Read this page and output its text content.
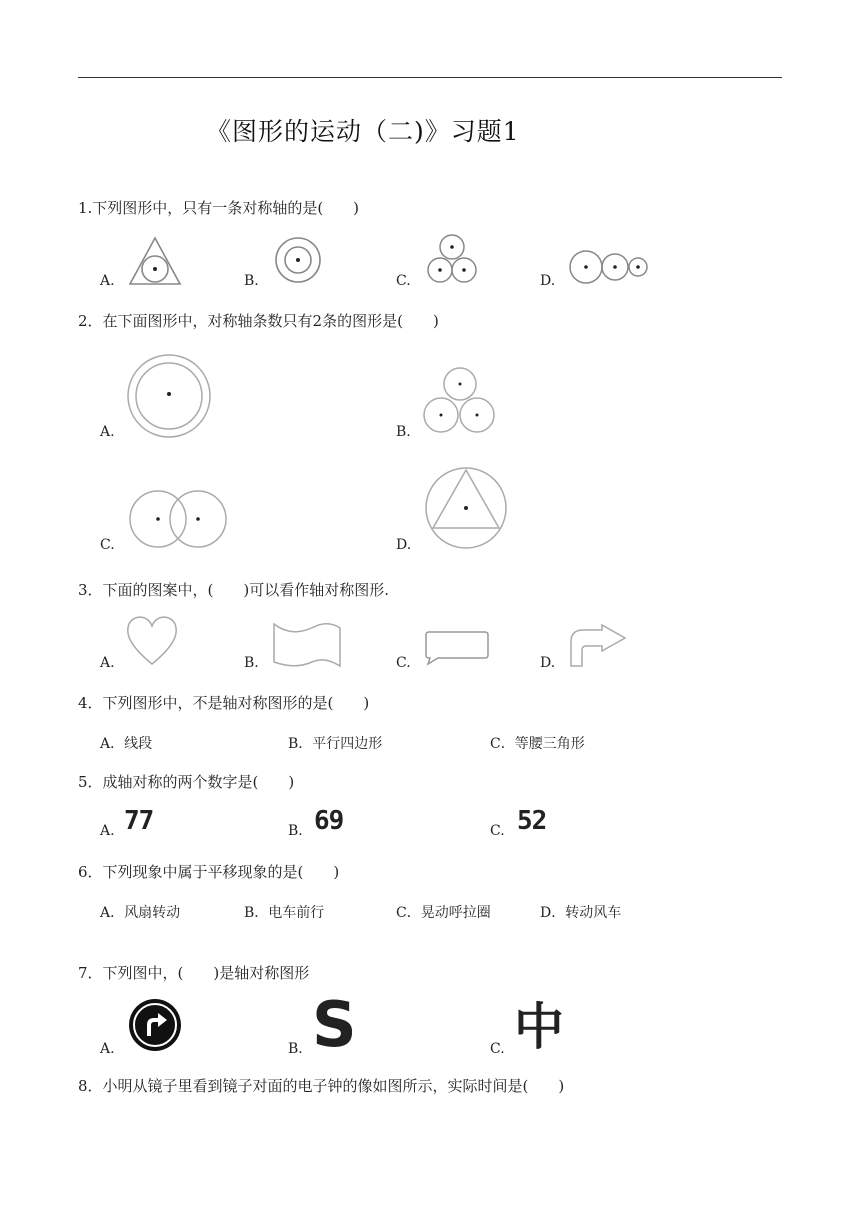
《图形的运动（二)》习题1
1.下列图形中，只有一条对称轴的是(　　)
A.	B.	C.	D.
2．在下面图形中，对称轴条数只有2条的图形是(　　)
A.	B.
C.	D.
3．下面的图案中，(　　)可以看作轴对称图形.
A.	B.	C.	D.
4．下列图形中，不是轴对称图形的是(　　)
A．线段	B．平行四边形	C．等腰三角形
5．成轴对称的两个数字是(　　)
A. 77	B. 69	C. 52
6．下列现象中属于平移现象的是(　　)
A．风扇转动	B．电车前行	C．晃动呼拉圈	D．转动风车
7．下列图中，(　　)是轴对称图形
A.	B. S	C. 中
8．小明从镜子里看到镜子对面的电子钟的像如图所示，实际时间是(　　)
